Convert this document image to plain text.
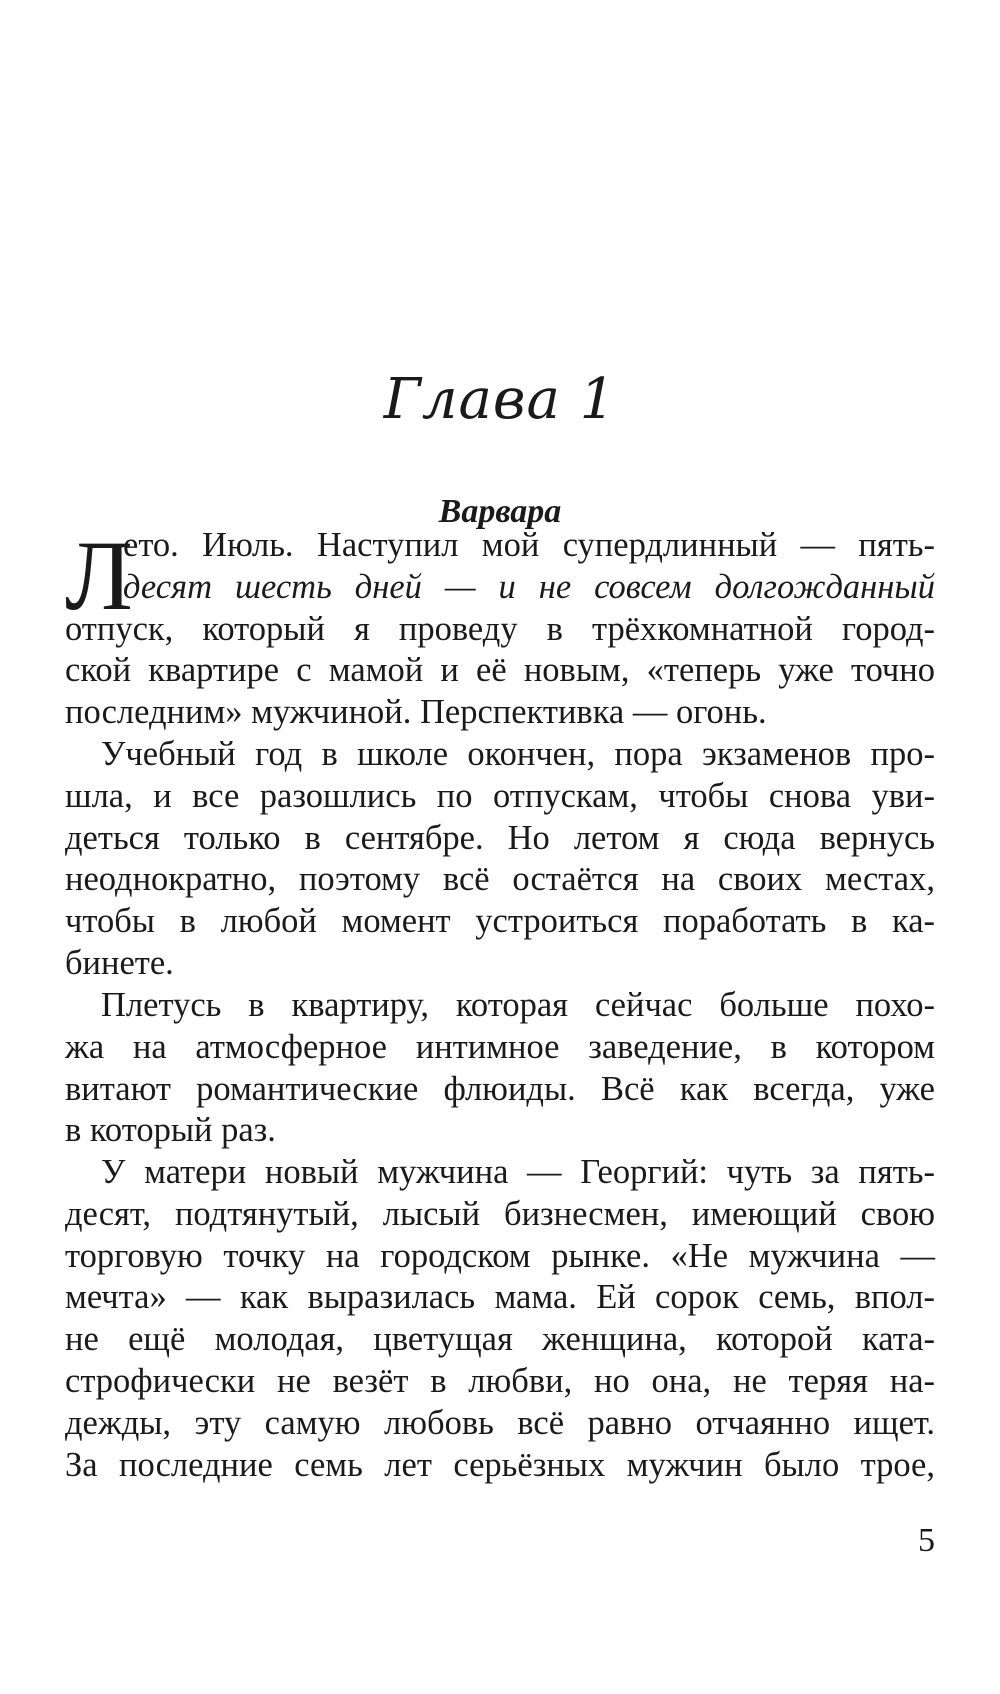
Глава 1
Варвара
Л
ето. Июль. Наступил мой супердлинный — пять-
десят шесть дней — и не совсем долгожданный
отпуск, который я проведу в трёхкомнатной город-
ской квартире с мамой и её новым, «теперь уже точно
последним» мужчиной. Перспективка — огонь.
Учебный год в школе окончен, пора экзаменов про-
шла, и все разошлись по отпускам, чтобы снова уви-
деться только в сентябре. Но летом я сюда вернусь
неоднократно, поэтому всё остаётся на своих местах,
чтобы в любой момент устроиться поработать в ка-
бинете.
Плетусь в квартиру, которая сейчас больше похо-
жа на атмосферное интимное заведение, в котором
витают романтические флюиды. Всё как всегда, уже
в который раз.
У матери новый мужчина — Георгий: чуть за пять-
десят, подтянутый, лысый бизнесмен, имеющий свою
торговую точку на городском рынке. «Не мужчина —
мечта» — как выразилась мама. Ей сорок семь, впол-
не ещё молодая, цветущая женщина, которой ката-
строфически не везёт в любви, но она, не теряя на-
дежды, эту самую любовь всё равно отчаянно ищет.
За последние семь лет серьёзных мужчин было трое,
5
